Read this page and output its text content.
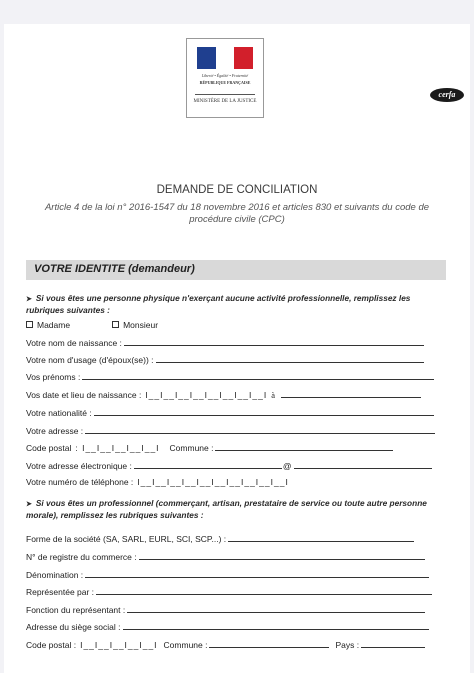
Liberté • Égalité • Fraternité
RÉPUBLIQUE FRANÇAISE
MINISTÈRE DE LA JUSTICE
cerfa
DEMANDE DE CONCILIATION
Article 4 de la loi n° 2016-1547 du 18 novembre 2016 et articles 830 et suivants du code de procédure civile (CPC)
VOTRE IDENTITE (demandeur)
➤ Si vous êtes une personne physique n'exerçant aucune activité professionnelle, remplissez les rubriques suivantes :
Madame	Monsieur
Votre nom de naissance :
Votre nom d'usage (d'époux(se)) :
Vos prénoms :
Vos date et lieu de naissance : I__I__I__I__I__I__I__I__I à
Votre nationalité :
Votre adresse :
Code postal : I__I__I__I__I__I Commune :
Votre adresse électronique :	@
Votre numéro de téléphone : I__I__I__I__I__I__I__I__I__I__I
➤ Si vous êtes un professionnel (commerçant, artisan, prestataire de service ou toute autre personne morale), remplissez les rubriques suivantes :
Forme de la société (SA, SARL, EURL, SCI, SCP...) :
N° de registre du commerce :
Dénomination :
Représentée par :
Fonction du représentant :
Adresse du siège social :
Code postal : I__I__I__I__I__I Commune :	Pays :
